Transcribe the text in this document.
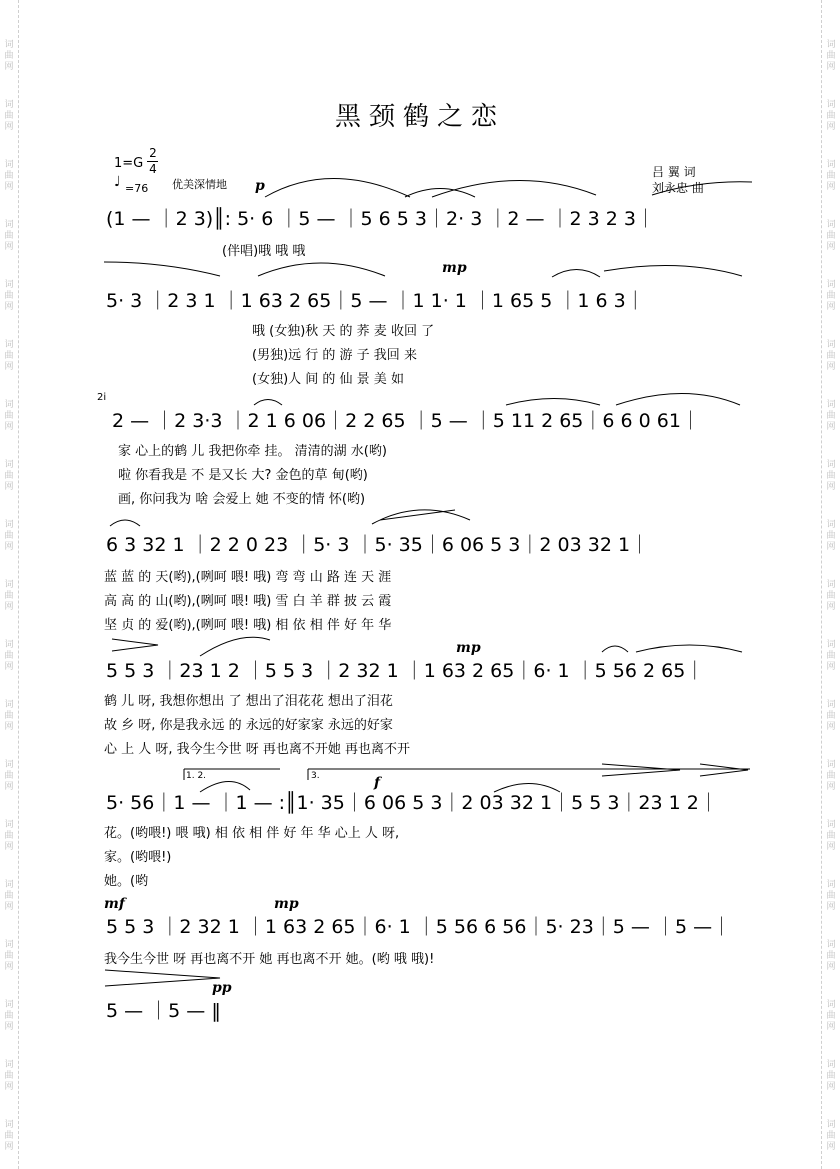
词
曲
网
词
曲
网
词
曲
网
词
曲
网
词
曲
网
词
曲
网
词
曲
网
词
曲
网
词
曲
网
词
曲
网
词
曲
网
词
曲
网
词
曲
网
词
曲
网
词
曲
网
词
曲
网
词
曲
网
词
曲
网
词
曲
网
词
曲
网
词
曲
网
词
曲
网
词
曲
网
词
曲
网
词
曲
网
词
曲
网
词
曲
网
词
曲
网
词
曲
网
词
曲
网
词
曲
网
词
曲
网
词
曲
网
词
曲
网
词
曲
网
词
曲
网
词
曲
网
词
曲
网
黑颈鹤之恋
吕 翼 词
刘永忠 曲
1=G
2
4
♩ =76 优美深情地 p
mp
mp
f
mf	mp
pp
1. 2.	3.
2i
(1 — ｜2 3)║: 5· 6 ｜5 — ｜5 6 5 3｜2· 3 ｜2 — ｜2 3 2 3｜
(伴唱)哦 哦 哦
5· 3 ｜2 3 1 ｜1 63 2 65｜5 — ｜1 1· 1 ｜1 65 5 ｜1 6 3｜
哦 (女独)秋 天 的 荞 麦 收回 了
(男独)远 行 的 游 子 我回 来
(女独)人 间 的 仙 景 美 如
2 — ｜2 3·3 ｜2 1 6 06｜2 2 65 ｜5 — ｜5 11 2 65｜6 6 0 61｜
家 心上的鹤 儿 我把你牵 挂。 清清的湖 水(哟)
啦 你看我是 不 是又长 大? 金色的草 甸(哟)
画, 你问我为 啥 会爱上 她 不变的情 怀(哟)
6 3 32 1 ｜2 2 0 23 ｜5· 3 ｜5· 35｜6 06 5 3｜2 03 32 1｜
蓝 蓝 的 天(哟),(咧呵 喂! 哦) 弯 弯 山 路 连 天 涯
高 高 的 山(哟),(咧呵 喂! 哦) 雪 白 羊 群 披 云 霞
坚 贞 的 爱(哟),(咧呵 喂! 哦) 相 依 相 伴 好 年 华
5 5 3 ｜23 1 2 ｜5 5 3 ｜2 32 1 ｜1 63 2 65｜6· 1 ｜5 56 2 65｜
鹤 儿 呀, 我想你想出 了 想出了泪花花 想出了泪花
故 乡 呀, 你是我永远 的 永远的好家家 永远的好家
心 上 人 呀, 我今生今世 呀 再也离不开她 再也离不开
5· 56｜1 — ｜1 — :║1· 35｜6 06 5 3｜2 03 32 1｜5 5 3｜23 1 2｜
花。(哟喂!) 喂 哦) 相 依 相 伴 好 年 华 心上 人 呀,
家。(哟喂!)
她。(哟
5 5 3 ｜2 32 1 ｜1 63 2 65｜6· 1 ｜5 56 6 56｜5· 23｜5 — ｜5 —｜
我今生今世 呀 再也离不开 她 再也离不开 她。(哟 哦 哦)!
5 — ｜5 — ‖
